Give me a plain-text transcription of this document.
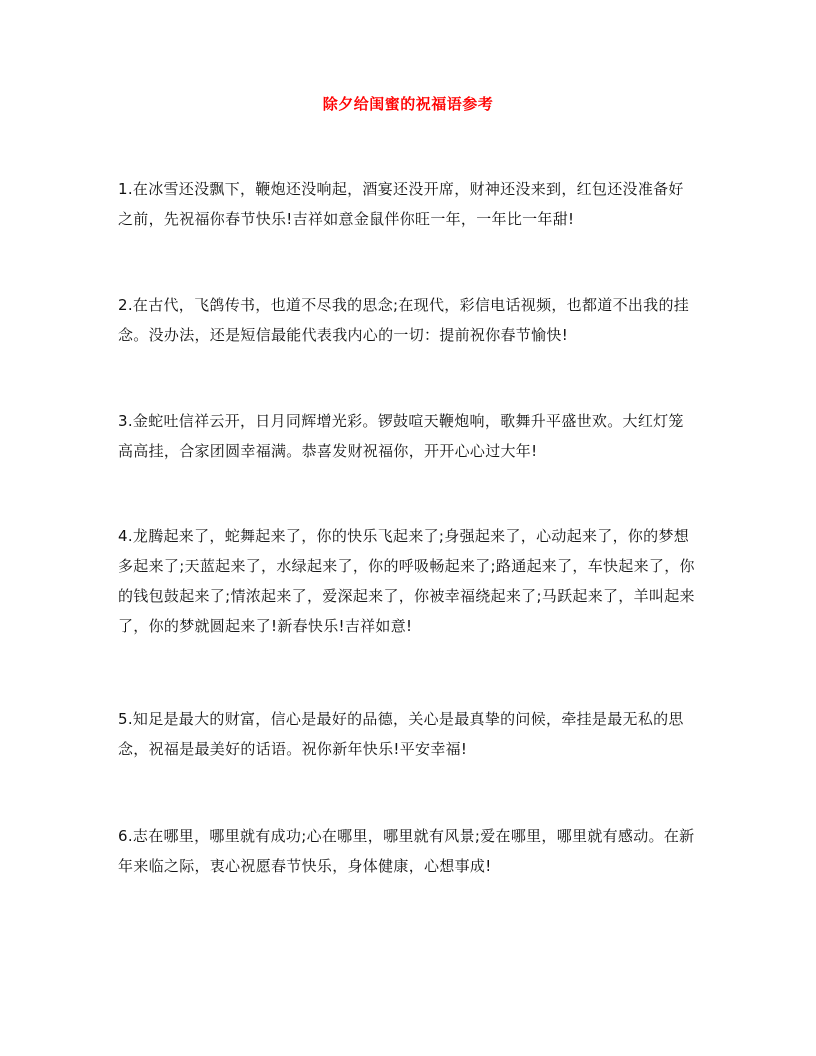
除夕给闺蜜的祝福语参考

1.在冰雪还没飘下，鞭炮还没响起，酒宴还没开席，财神还没来到，红包还没准备好之前，先祝福你春节快乐!吉祥如意金鼠伴你旺一年，一年比一年甜!

2.在古代，飞鸽传书，也道不尽我的思念;在现代，彩信电话视频，也都道不出我的挂念。没办法，还是短信最能代表我内心的一切：提前祝你春节愉快!

3.金蛇吐信祥云开，日月同辉增光彩。锣鼓喧天鞭炮响，歌舞升平盛世欢。大红灯笼高高挂，合家团圆幸福满。恭喜发财祝福你，开开心心过大年!

4.龙腾起来了，蛇舞起来了，你的快乐飞起来了;身强起来了，心动起来了，你的梦想多起来了;天蓝起来了，水绿起来了，你的呼吸畅起来了;路通起来了，车快起来了，你的钱包鼓起来了;情浓起来了，爱深起来了，你被幸福绕起来了;马跃起来了，羊叫起来了，你的梦就圆起来了!新春快乐!吉祥如意!

5.知足是最大的财富，信心是最好的品德，关心是最真挚的问候，牵挂是最无私的思念，祝福是最美好的话语。祝你新年快乐!平安幸福!

6.志在哪里，哪里就有成功;心在哪里，哪里就有风景;爱在哪里，哪里就有感动。在新年来临之际，衷心祝愿春节快乐，身体健康，心想事成!
